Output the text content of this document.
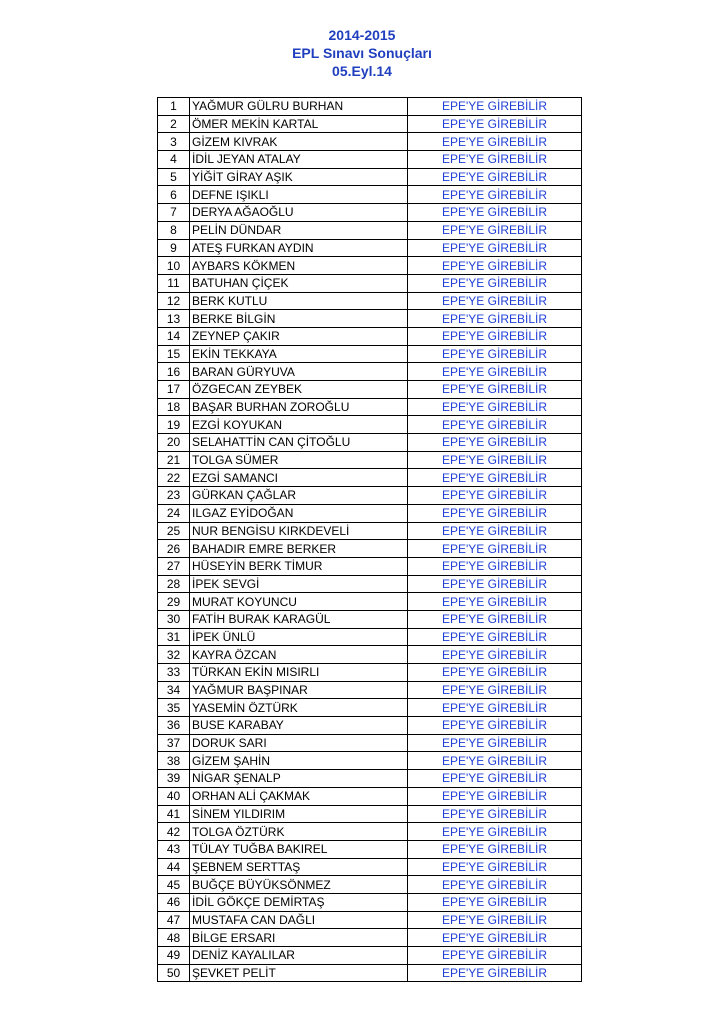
2014-2015
EPL Sınavı Sonuçları
05.Eyl.14
1	YAĞMUR GÜLRU BURHAN	EPE'YE GİREBİLİR
2	ÖMER MEKİN KARTAL	EPE'YE GİREBİLİR
3	GİZEM KIVRAK	EPE'YE GİREBİLİR
4	İDİL JEYAN ATALAY	EPE'YE GİREBİLİR
5	YİĞİT GİRAY AŞIK	EPE'YE GİREBİLİR
6	DEFNE IŞIKLI	EPE'YE GİREBİLİR
7	DERYA AĞAOĞLU	EPE'YE GİREBİLİR
8	PELİN DÜNDAR	EPE'YE GİREBİLİR
9	ATEŞ FURKAN AYDIN	EPE'YE GİREBİLİR
10	AYBARS KÖKMEN	EPE'YE GİREBİLİR
11	BATUHAN ÇİÇEK	EPE'YE GİREBİLİR
12	BERK KUTLU	EPE'YE GİREBİLİR
13	BERKE BİLGİN	EPE'YE GİREBİLİR
14	ZEYNEP ÇAKIR	EPE'YE GİREBİLİR
15	EKİN TEKKAYA	EPE'YE GİREBİLİR
16	BARAN GÜRYUVA	EPE'YE GİREBİLİR
17	ÖZGECAN ZEYBEK	EPE'YE GİREBİLİR
18	BAŞAR BURHAN ZOROĞLU	EPE'YE GİREBİLİR
19	EZGİ KOYUKAN	EPE'YE GİREBİLİR
20	SELAHATTİN CAN ÇİTOĞLU	EPE'YE GİREBİLİR
21	TOLGA SÜMER	EPE'YE GİREBİLİR
22	EZGİ SAMANCI	EPE'YE GİREBİLİR
23	GÜRKAN ÇAĞLAR	EPE'YE GİREBİLİR
24	ILGAZ EYİDOĞAN	EPE'YE GİREBİLİR
25	NUR BENGİSU KIRKDEVELİ	EPE'YE GİREBİLİR
26	BAHADIR EMRE BERKER	EPE'YE GİREBİLİR
27	HÜSEYİN BERK TİMUR	EPE'YE GİREBİLİR
28	İPEK SEVGİ	EPE'YE GİREBİLİR
29	MURAT KOYUNCU	EPE'YE GİREBİLİR
30	FATİH BURAK KARAGÜL	EPE'YE GİREBİLİR
31	İPEK ÜNLÜ	EPE'YE GİREBİLİR
32	KAYRA ÖZCAN	EPE'YE GİREBİLİR
33	TÜRKAN EKİN MISIRLI	EPE'YE GİREBİLİR
34	YAĞMUR BAŞPINAR	EPE'YE GİREBİLİR
35	YASEMİN ÖZTÜRK	EPE'YE GİREBİLİR
36	BUSE KARABAY	EPE'YE GİREBİLİR
37	DORUK SARI	EPE'YE GİREBİLİR
38	GİZEM ŞAHİN	EPE'YE GİREBİLİR
39	NİGAR ŞENALP	EPE'YE GİREBİLİR
40	ORHAN ALİ ÇAKMAK	EPE'YE GİREBİLİR
41	SİNEM YILDIRIM	EPE'YE GİREBİLİR
42	TOLGA ÖZTÜRK	EPE'YE GİREBİLİR
43	TÜLAY TUĞBA BAKIREL	EPE'YE GİREBİLİR
44	ŞEBNEM SERTTAŞ	EPE'YE GİREBİLİR
45	BUĞÇE BÜYÜKSÖNMEZ	EPE'YE GİREBİLİR
46	İDİL GÖKÇE DEMİRTAŞ	EPE'YE GİREBİLİR
47	MUSTAFA CAN DAĞLI	EPE'YE GİREBİLİR
48	BİLGE ERSARI	EPE'YE GİREBİLİR
49	DENİZ KAYALILAR	EPE'YE GİREBİLİR
50	ŞEVKET PELİT	EPE'YE GİREBİLİR
